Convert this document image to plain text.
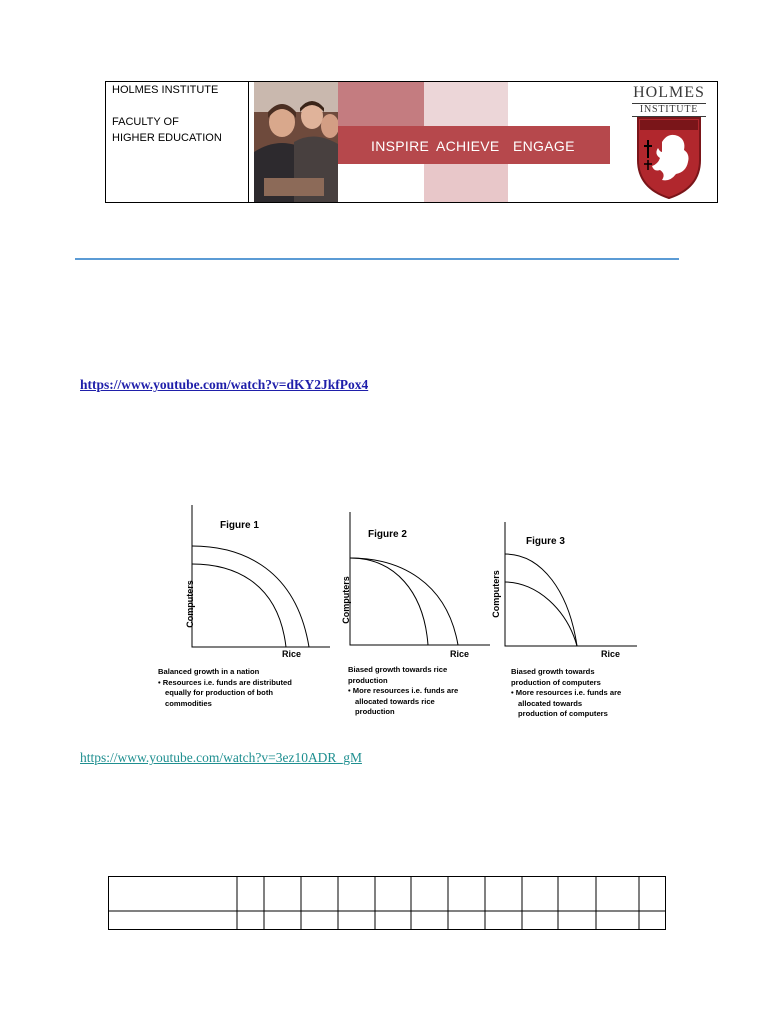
HOLMES INSTITUTE
FACULTY OF
HIGHER EDUCATION	INSPIRE ACHIEVE ENGAGE
HOLMES
INSTITUTE
https://www.youtube.com/watch?v=dKY2JkfPox4
https://www.youtube.com/watch?v=3ez10ADR_gM
Figure 1
Computers
Rice
Balanced growth in a nation
• Resources i.e. funds are distributed
equally for production of both
commodities
Figure 2
Computers
Rice
Biased growth towards rice
production
• More resources i.e. funds are
allocated towards rice
production
Figure 3
Computers
Rice
Biased growth towards
production of computers
• More resources i.e. funds are
allocated towards
production of computers
